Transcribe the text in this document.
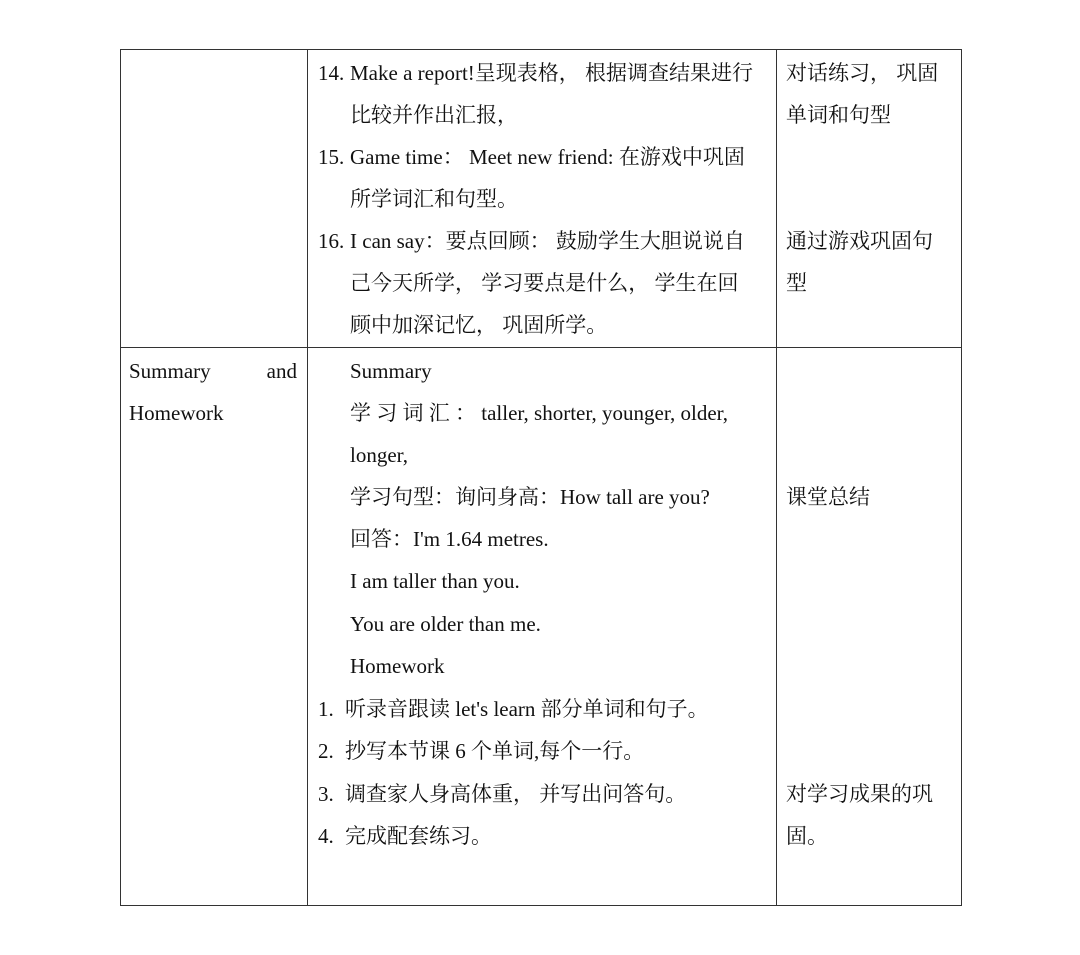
14. Make a report!呈现表格， 根据调查结果进行
比较并作出汇报，
15. Game time： Meet new friend: 在游戏中巩固
所学词汇和句型。
16. I can say：要点回顾： 鼓励学生大胆说说自
己今天所学， 学习要点是什么， 学生在回
顾中加深记忆， 巩固所学。
对话练习， 巩固
单词和句型
通过游戏巩固句
型
Summary	and
Homework
Summary
学 习 词 汇 ： taller, shorter, younger, older,
longer,
学习句型：询问身高：How tall are you?
回答：I'm 1.64 metres.
I am taller than you.
You are older than me.
Homework
1. 听录音跟读 let's learn 部分单词和句子。
2. 抄写本节课 6 个单词,每个一行。
3. 调查家人身高体重， 并写出问答句。
4. 完成配套练习。
课堂总结
对学习成果的巩
固。
